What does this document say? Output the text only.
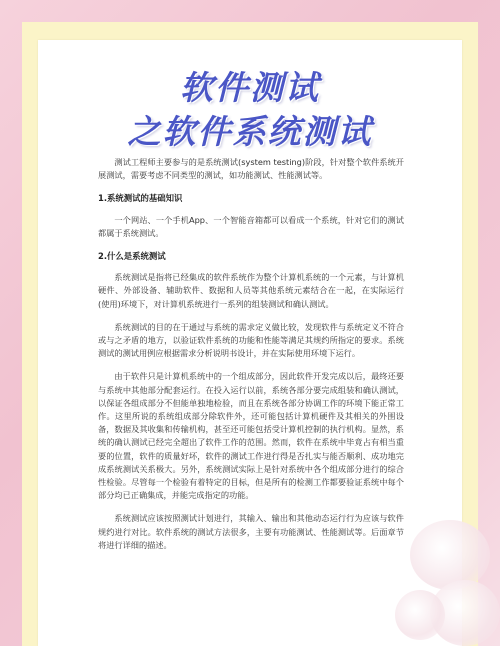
软件测试
之软件系统测试

测试工程师主要参与的是系统测试(system testing)阶段，针对整个软件系统开展测试，需要考虑不同类型的测试，如功能测试、性能测试等。

1.系统测试的基础知识

一个网站、一个手机App、一个智能音箱都可以看成一个系统，针对它们的测试都属于系统测试。

2.什么是系统测试

系统测试是指将已经集成的软件系统作为整个计算机系统的一个元素，与计算机硬件、外部设备、辅助软件、数据和人员等其他系统元素结合在一起，在实际运行(使用)环境下，对计算机系统进行一系列的组装测试和确认测试。

系统测试的目的在于通过与系统的需求定义做比较，发现软件与系统定义不符合或与之矛盾的地方，以验证软件系统的功能和性能等满足其规约所指定的要求。系统测试的测试用例应根据需求分析说明书设计，并在实际使用环境下运行。

由于软件只是计算机系统中的一个组成部分，因此软件开发完成以后，最终还要与系统中其他部分配套运行。在投入运行以前，系统各部分要完成组装和确认测试，以保证各组成部分不但能单独地检验，而且在系统各部分协调工作的环境下能正常工作。这里所说的系统组成部分除软件外，还可能包括计算机硬件及其相关的外围设备，数据及其收集和传输机构，甚至还可能包括受计算机控制的执行机构。显然，系统的确认测试已经完全超出了软件工作的范围。然而，软件在系统中毕竟占有相当重要的位置，软件的质量好坏，软件的测试工作进行得是否扎实与能否顺利、成功地完成系统测试关系极大。另外，系统测试实际上是针对系统中各个组成部分进行的综合性检验。尽管每一个检验有着特定的目标，但是所有的检测工作都要验证系统中每个部分均已正确集成，并能完成指定的功能。

系统测试应该按照测试计划进行，其输入、输出和其他动态运行行为应该与软件规约进行对比。软件系统的测试方法很多，主要有功能测试、性能测试等。后面章节将进行详细的描述。
